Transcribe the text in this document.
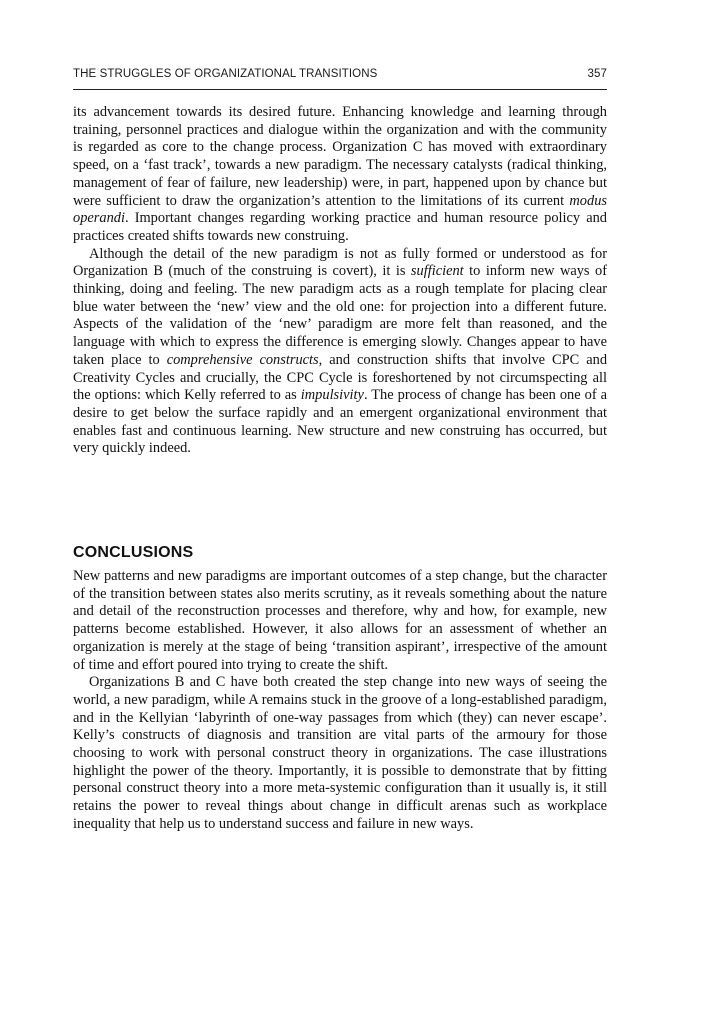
THE STRUGGLES OF ORGANIZATIONAL TRANSITIONS	357

its advancement towards its desired future. Enhancing knowledge and learning through training, personnel practices and dialogue within the organization and with the community is regarded as core to the change process. Organization C has moved with extraordinary speed, on a ‘fast track’, towards a new paradigm. The necessary catalysts (radical thinking, management of fear of failure, new leadership) were, in part, happened upon by chance but were sufficient to draw the organization’s attention to the limitations of its current modus operandi. Important changes regarding working practice and human resource policy and practices created shifts towards new construing.

Although the detail of the new paradigm is not as fully formed or understood as for Organization B (much of the construing is covert), it is sufficient to inform new ways of thinking, doing and feeling. The new paradigm acts as a rough template for placing clear blue water between the ‘new’ view and the old one: for projection into a different future. Aspects of the validation of the ‘new’ paradigm are more felt than reasoned, and the language with which to express the difference is emerging slowly. Changes appear to have taken place to comprehensive constructs, and construction shifts that involve CPC and Creativity Cycles and crucially, the CPC Cycle is foreshortened by not circumspecting all the options: which Kelly referred to as impulsivity. The process of change has been one of a desire to get below the surface rapidly and an emergent organizational environment that enables fast and continuous learning. New structure and new construing has occurred, but very quickly indeed.

CONCLUSIONS

New patterns and new paradigms are important outcomes of a step change, but the character of the transition between states also merits scrutiny, as it reveals something about the nature and detail of the reconstruction processes and therefore, why and how, for example, new patterns become established. However, it also allows for an assessment of whether an organization is merely at the stage of being ‘transition aspirant’, irrespective of the amount of time and effort poured into trying to create the shift.

Organizations B and C have both created the step change into new ways of seeing the world, a new paradigm, while A remains stuck in the groove of a long-established paradigm, and in the Kellyian ‘labyrinth of one-way passages from which (they) can never escape’. Kelly’s constructs of diagnosis and transition are vital parts of the armoury for those choosing to work with personal construct theory in organizations. The case illustrations highlight the power of the theory. Importantly, it is possible to demonstrate that by fitting personal construct theory into a more meta-systemic configuration than it usually is, it still retains the power to reveal things about change in difficult arenas such as workplace inequality that help us to understand success and failure in new ways.
